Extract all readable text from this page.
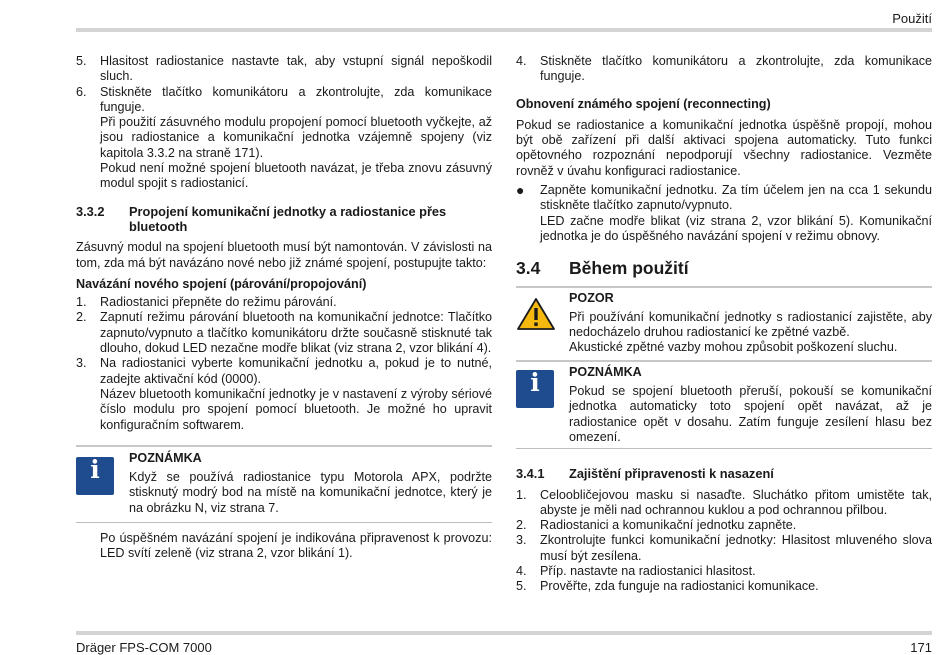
Použití
5.	Hlasitost radiostanice nastavte tak, aby vstupní signál nepoškodil sluch.
6.	Stiskněte tlačítko komunikátoru a zkontrolujte, zda komunikace funguje.
Při použití zásuvného modulu propojení pomocí bluetooth vyčkejte, až jsou radiostanice a komunikační jednotka vzájemně spojeny (viz kapitola 3.3.2 na straně 171).
Pokud není možné spojení bluetooth navázat, je třeba znovu zásuvný modul spojit s radiostanicí.
3.3.2	Propojení komunikační jednotky a radiostanice přes bluetooth
Zásuvný modul na spojení bluetooth musí být namontován. V závislosti na tom, zda má být navázáno nové nebo již známé spojení, postupujte takto:
Navázání nového spojení (párování/propojování)
1.	Radiostanici přepněte do režimu párování.
2.	Zapnutí režimu párování bluetooth na komunikační jednotce: Tlačítko zapnuto/vypnuto a tlačítko komunikátoru držte současně stisknuté tak dlouho, dokud LED nezačne modře blikat (viz strana 2, vzor blikání 4).
3.	Na radiostanici vyberte komunikační jednotku a, pokud je to nutné, zadejte aktivační kód (0000).
Název bluetooth komunikační jednotky je v nastavení z výroby sériové číslo modulu pro spojení pomocí bluetooth. Je možné ho upravit konfiguračním softwarem.
i	POZNÁMKA
Když se používá radiostanice typu Motorola APX, podržte stisknutý modrý bod na místě na komunikační jednotce, který je na obrázku N, viz strana 7.
Po úspěšném navázání spojení je indikována připravenost k provozu: LED svítí zeleně (viz strana 2, vzor blikání 1).
4.	Stiskněte tlačítko komunikátoru a zkontrolujte, zda komunikace funguje.
Obnovení známého spojení (reconnecting)
Pokud se radiostanice a komunikační jednotka úspěšně propojí, mohou být obě zařízení při další aktivaci spojena automaticky. Tuto funkci opětovného rozpoznání nepodporují všechny radiostanice. Vezměte rovněž v úvahu konfiguraci radiostanice.
●	Zapněte komunikační jednotku. Za tím účelem jen na cca 1 sekundu stiskněte tlačítko zapnuto/vypnuto.
LED začne modře blikat (viz strana 2, vzor blikání 5). Komunikační jednotka je do úspěšného navázání spojení v režimu obnovy.
3.4	Během použití
POZOR
Při používání komunikační jednotky s radiostanicí zajistěte, aby nedocházelo druhou radiostanicí ke zpětné vazbě.
Akustické zpětné vazby mohou způsobit poškození sluchu.
i	POZNÁMKA
Pokud se spojení bluetooth přeruší, pokouší se komunikační jednotka automaticky toto spojení opět navázat, až je radiostanice opět v dosahu. Zatím funguje zesílení hlasu bez omezení.
3.4.1	Zajištění připravenosti k nasazení
1.	Celoobličejovou masku si nasaďte. Sluchátko přitom umistěte tak, abyste je měli nad ochrannou kuklou a pod ochrannou přilbou.
2.	Radiostanici a komunikační jednotku zapněte.
3.	Zkontrolujte funkci komunikační jednotky: Hlasitost mluveného slova musí být zesílena.
4.	Příp. nastavte na radiostanici hlasitost.
5.	Prověřte, zda funguje na radiostanici komunikace.
Dräger FPS-COM 7000	171
